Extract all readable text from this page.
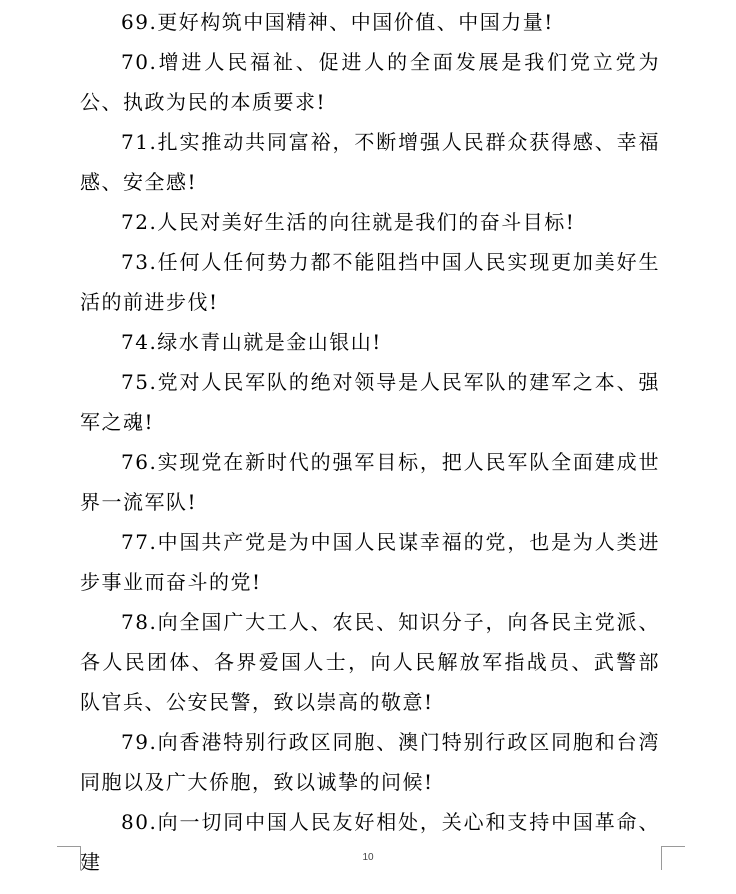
69.更好构筑中国精神、中国价值、中国力量!

70.增进人民福祉、促进人的全面发展是我们党立党为公、执政为民的本质要求!

71.扎实推动共同富裕，不断增强人民群众获得感、幸福感、安全感!

72.人民对美好生活的向往就是我们的奋斗目标!

73.任何人任何势力都不能阻挡中国人民实现更加美好生活的前进步伐!

74.绿水青山就是金山银山!

75.党对人民军队的绝对领导是人民军队的建军之本、强军之魂!

76.实现党在新时代的强军目标，把人民军队全面建成世界一流军队!

77.中国共产党是为中国人民谋幸福的党，也是为人类进步事业而奋斗的党!

78.向全国广大工人、农民、知识分子，向各民主党派、各人民团体、各界爱国人士，向人民解放军指战员、武警部队官兵、公安民警，致以崇高的敬意!

79.向香港特别行政区同胞、澳门特别行政区同胞和台湾同胞以及广大侨胞，致以诚挚的问候!

80.向一切同中国人民友好相处，关心和支持中国革命、建	10
